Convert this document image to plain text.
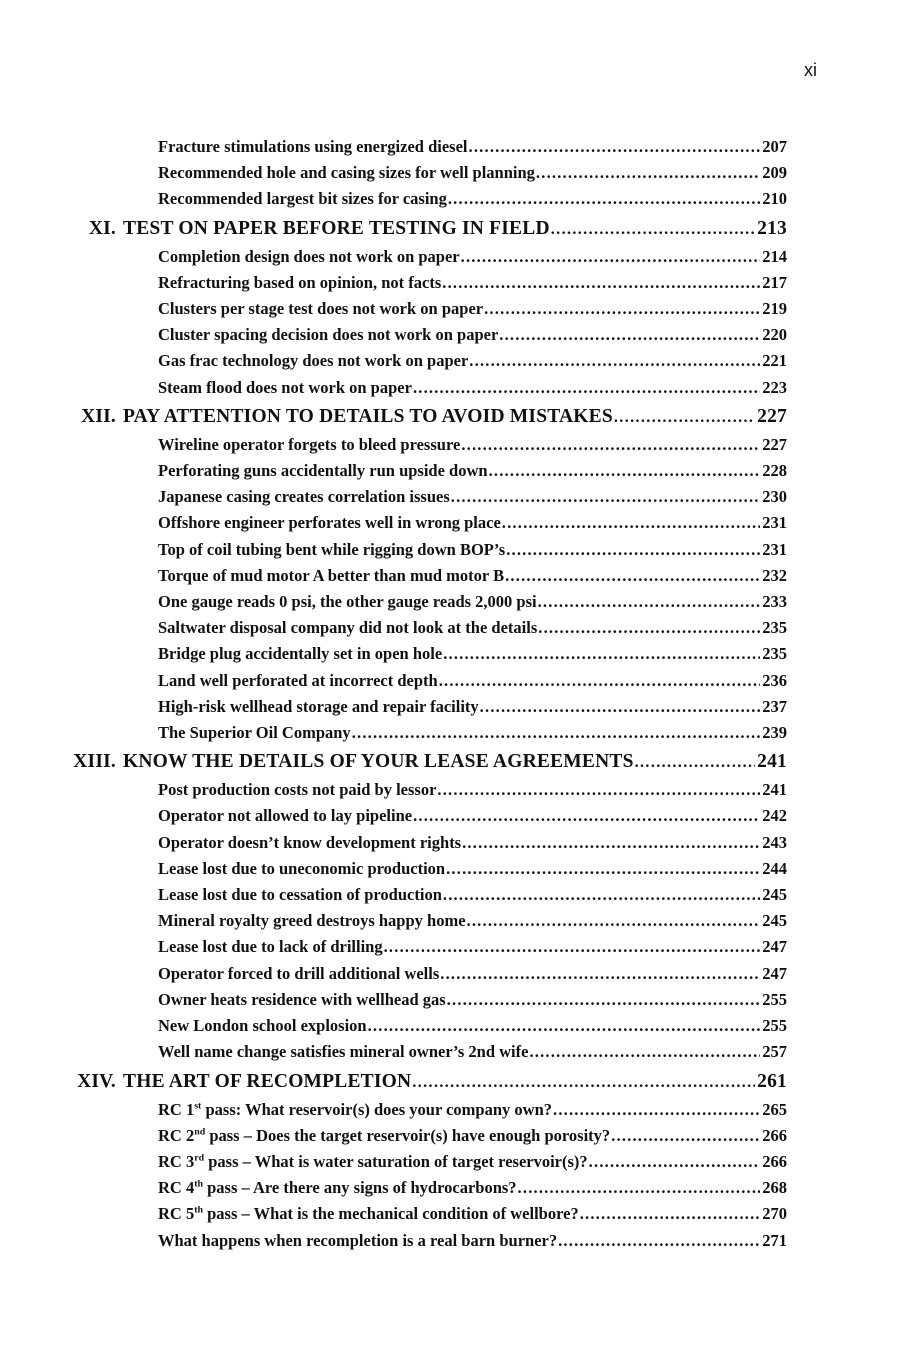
xi
Fracture stimulations using energized diesel .....	207
Recommended hole and casing sizes for well planning .....	209
Recommended largest bit sizes for casing .....	210
XI. TEST ON PAPER BEFORE TESTING IN FIELD .....	213
Completion design does not work on paper .....	214
Refracturing based on opinion, not facts .....	217
Clusters per stage test does not work on paper .....	219
Cluster spacing decision does not work on paper .....	220
Gas frac technology does not work on paper .....	221
Steam flood does not work on paper .....	223
XII. PAY ATTENTION TO DETAILS TO AVOID MISTAKES .....	227
Wireline operator forgets to bleed pressure .....	227
Perforating guns accidentally run upside down .....	228
Japanese casing creates correlation issues .....	230
Offshore engineer perforates well in wrong place .....	231
Top of coil tubing bent while rigging down BOP’s .....	231
Torque of mud motor A better than mud motor B .....	232
One gauge reads 0 psi, the other gauge reads 2,000 psi .....	233
Saltwater disposal company did not look at the details .....	235
Bridge plug accidentally set in open hole .....	235
Land well perforated at incorrect depth .....	236
High-risk wellhead storage and repair facility .....	237
The Superior Oil Company .....	239
XIII. KNOW THE DETAILS OF YOUR LEASE AGREEMENTS .....	241
Post production costs not paid by lessor .....	241
Operator not allowed to lay pipeline .....	242
Operator doesn’t know development rights .....	243
Lease lost due to uneconomic production .....	244
Lease lost due to cessation of production .....	245
Mineral royalty greed destroys happy home .....	245
Lease lost due to lack of drilling .....	247
Operator forced to drill additional wells .....	247
Owner heats residence with wellhead gas .....	255
New London school explosion .....	255
Well name change satisfies mineral owner’s 2nd wife .....	257
XIV. THE ART OF RECOMPLETION .....	261
RC 1st pass: What reservoir(s) does your company own? .....	265
RC 2nd pass – Does the target reservoir(s) have enough porosity? .....	266
RC 3rd pass – What is water saturation of target reservoir(s)? .....	266
RC 4th pass – Are there any signs of hydrocarbons? .....	268
RC 5th pass – What is the mechanical condition of wellbore? .....	270
What happens when recompletion is a real barn burner? .....	271
